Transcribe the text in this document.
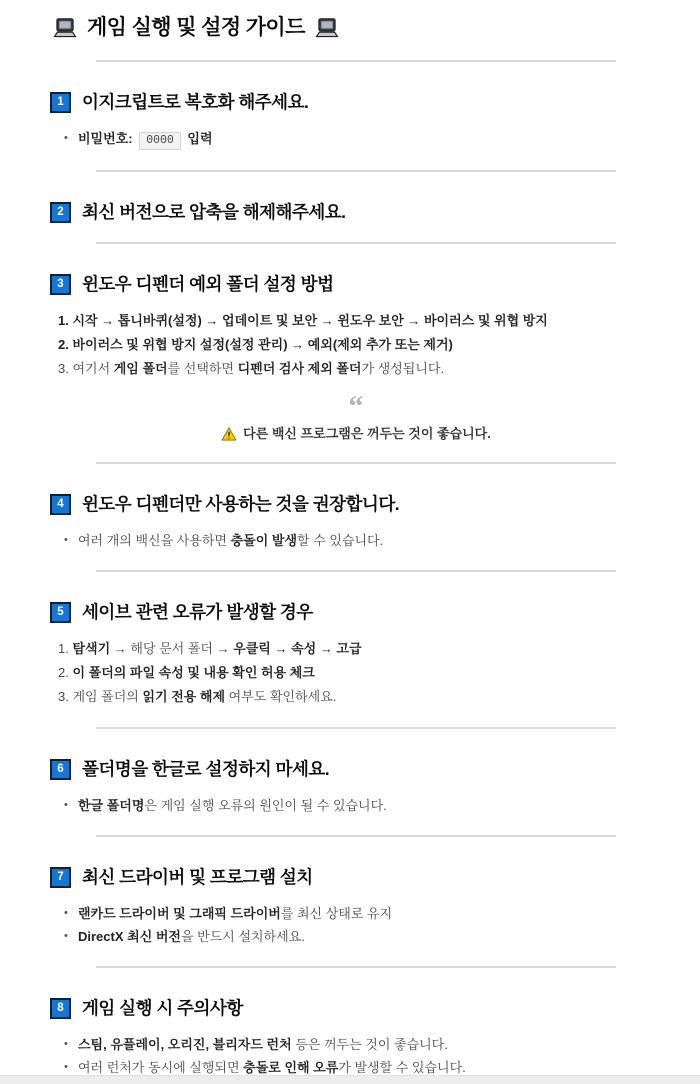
게임 실행 및 설정 가이드
1	이지크립트로 복호화 해주세요.
• 비밀번호: 0000 입력
2	최신 버전으로 압축을 해제해주세요.
3	윈도우 디펜더 예외 폴더 설정 방법
1. 시작 → 톱니바퀴(설정) → 업데이트 및 보안 → 윈도우 보안 → 바이러스 및 위협 방지
2. 바이러스 및 위협 방지 설정(설정 관리) → 예외(제외 추가 또는 제거)
3. 여기서 게임 폴더를 선택하면 디펜더 검사 제외 폴더가 생성됩니다.
“
다른 백신 프로그램은 꺼두는 것이 좋습니다.
4	윈도우 디펜더만 사용하는 것을 권장합니다.
• 여러 개의 백신을 사용하면 충돌이 발생할 수 있습니다.
5	세이브 관련 오류가 발생할 경우
1. 탐색기 → 해당 문서 폴더 → 우클릭 → 속성 → 고급
2. 이 폴더의 파일 속성 및 내용 확인 허용 체크
3. 게임 폴더의 읽기 전용 해제 여부도 확인하세요.
6	폴더명을 한글로 설정하지 마세요.
• 한글 폴더명은 게임 실행 오류의 원인이 될 수 있습니다.
7	최신 드라이버 및 프로그램 설치
• 랜카드 드라이버 및 그래픽 드라이버를 최신 상태로 유지
• DirectX 최신 버전을 반드시 설치하세요.
8	게임 실행 시 주의사항
• 스팀, 유플레이, 오리진, 블리자드 런처 등은 꺼두는 것이 좋습니다.
• 여러 런처가 동시에 실행되면 충돌로 인해 오류가 발생할 수 있습니다.
